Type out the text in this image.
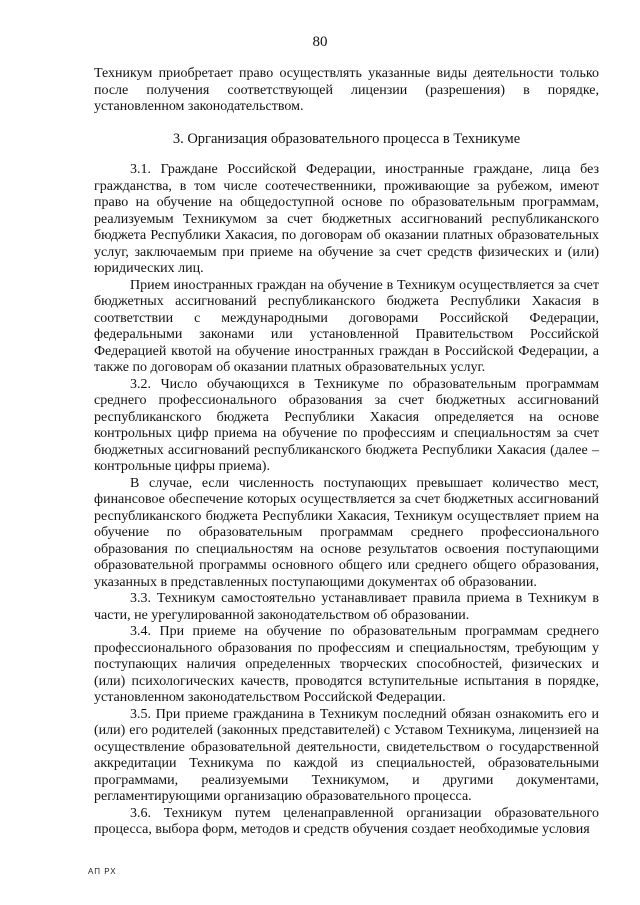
80

Техникум приобретает право осуществлять указанные виды деятельности только после получения соответствующей лицензии (разрешения) в порядке, установленном законодательством.

3. Организация образовательного процесса в Техникуме

3.1. Граждане Российской Федерации, иностранные граждане, лица без гражданства, в том числе соотечественники, проживающие за рубежом, имеют право на обучение на общедоступной основе по образовательным программам, реализуемым Техникумом за счет бюджетных ассигнований республиканского бюджета Республики Хакасия, по договорам об оказании платных образовательных услуг, заключаемым при приеме на обучение за счет средств физических и (или) юридических лиц.

Прием иностранных граждан на обучение в Техникум осуществляется за счет бюджетных ассигнований республиканского бюджета Республики Хакасия в соответствии с международными договорами Российской Федерации, федеральными законами или установленной Правительством Российской Федерацией квотой на обучение иностранных граждан в Российской Федерации, а также по договорам об оказании платных образовательных услуг.

3.2. Число обучающихся в Техникуме по образовательным программам среднего профессионального образования за счет бюджетных ассигнований республиканского бюджета Республики Хакасия определяется на основе контрольных цифр приема на обучение по профессиям и специальностям за счет бюджетных ассигнований республиканского бюджета Республики Хакасия (далее – контрольные цифры приема).

В случае, если численность поступающих превышает количество мест, финансовое обеспечение которых осуществляется за счет бюджетных ассигнований республиканского бюджета Республики Хакасия, Техникум осуществляет прием на обучение по образовательным программам среднего профессионального образования по специальностям на основе результатов освоения поступающими образовательной программы основного общего или среднего общего образования, указанных в представленных поступающими документах об образовании.

3.3. Техникум самостоятельно устанавливает правила приема в Техникум в части, не урегулированной законодательством об образовании.

3.4. При приеме на обучение по образовательным программам среднего профессионального образования по профессиям и специальностям, требующим у поступающих наличия определенных творческих способностей, физических и (или) психологических качеств, проводятся вступительные испытания в порядке, установленном законодательством Российской Федерации.

3.5. При приеме гражданина в Техникум последний обязан ознакомить его и (или) его родителей (законных представителей) с Уставом Техникума, лицензией на осуществление образовательной деятельности, свидетельством о государственной аккредитации Техникума по каждой из специальностей, образовательными программами, реализуемыми Техникумом, и другими документами, регламентирующими организацию образовательного процесса.

3.6. Техникум путем целенаправленной организации образовательного процесса, выбора форм, методов и средств обучения создает необходимые условия

АП РХ
